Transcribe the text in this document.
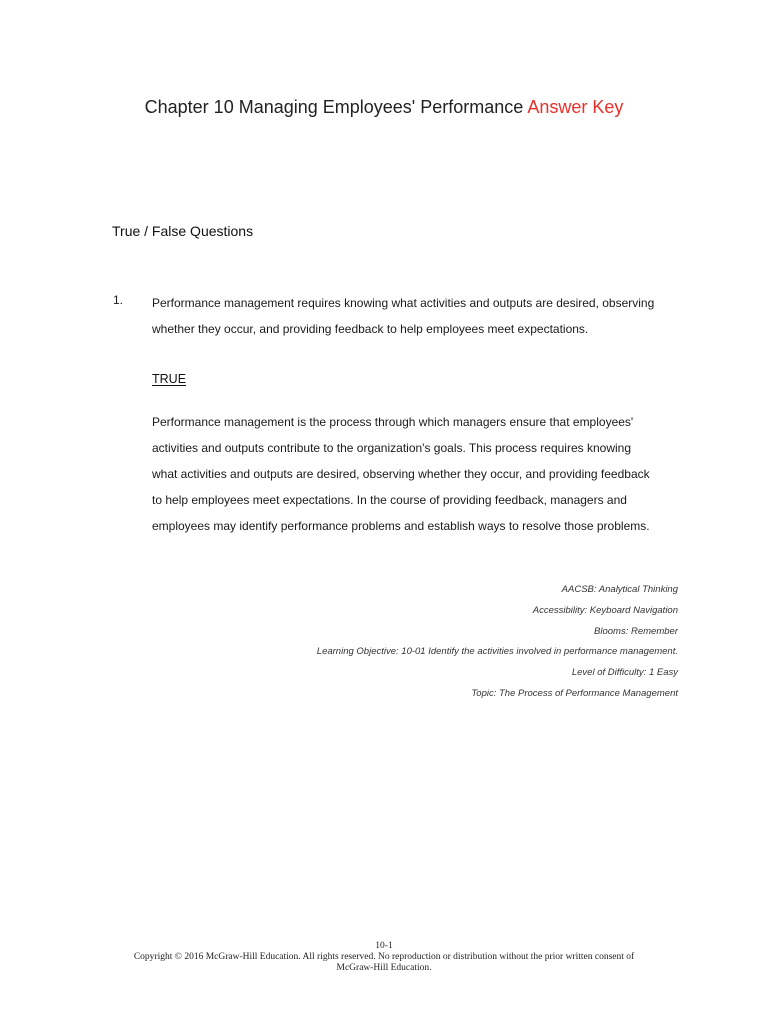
Chapter 10 Managing Employees' Performance Answer Key
True / False Questions
1. Performance management requires knowing what activities and outputs are desired, observing
whether they occur, and providing feedback to help employees meet expectations.
TRUE
Performance management is the process through which managers ensure that employees'
activities and outputs contribute to the organization's goals. This process requires knowing
what activities and outputs are desired, observing whether they occur, and providing feedback
to help employees meet expectations. In the course of providing feedback, managers and
employees may identify performance problems and establish ways to resolve those problems.
AACSB: Analytical Thinking
Accessibility: Keyboard Navigation
Blooms: Remember
Learning Objective: 10-01 Identify the activities involved in performance management.
Level of Difficulty: 1 Easy
Topic: The Process of Performance Management
10-1
Copyright © 2016 McGraw-Hill Education. All rights reserved. No reproduction or distribution without the prior written consent of
McGraw-Hill Education.
